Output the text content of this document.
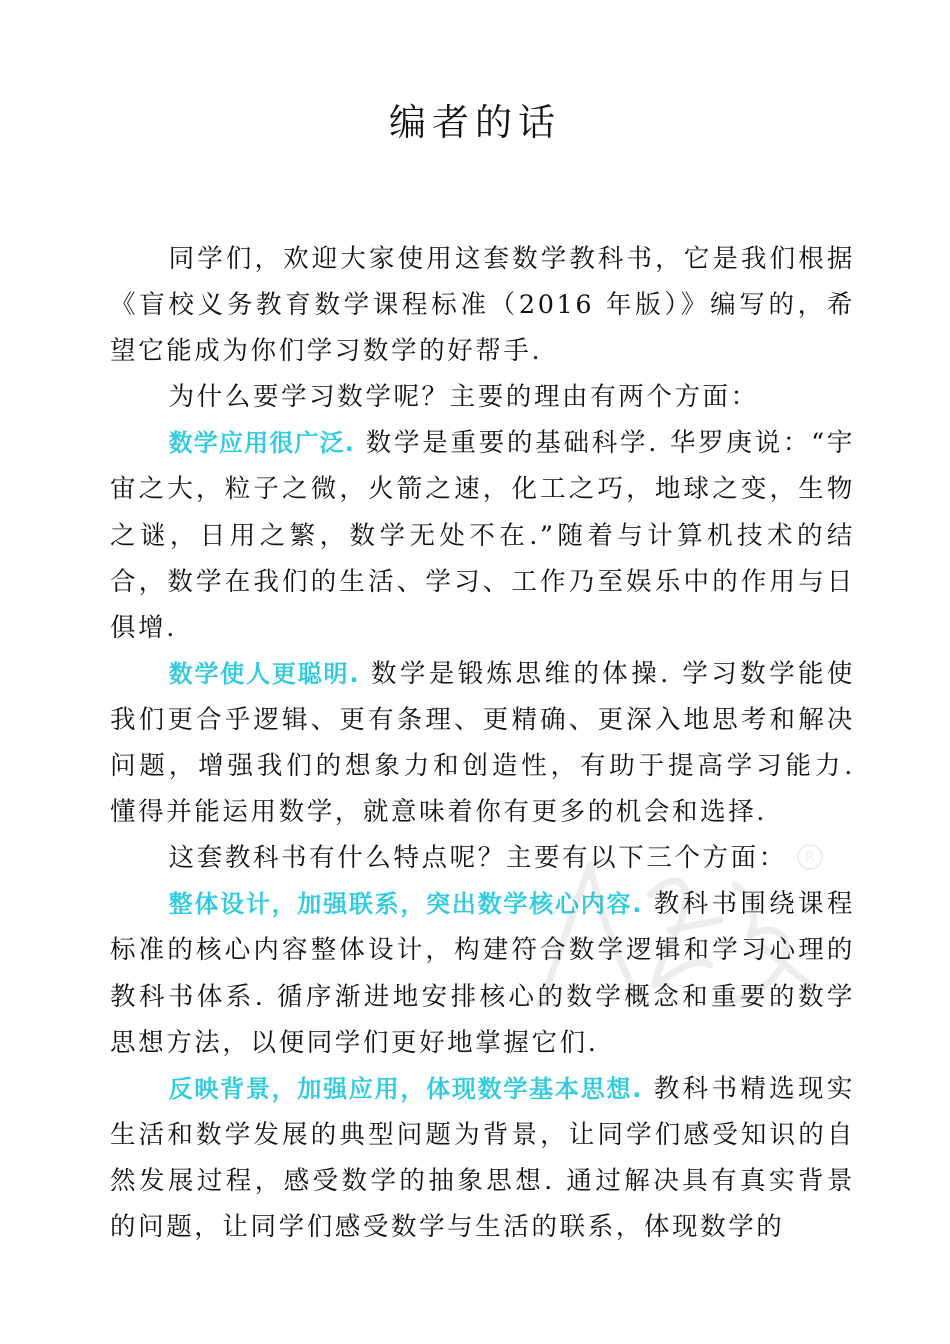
编者的话

同学们，欢迎大家使用这套数学教科书，它是我们根据《盲校义务教育数学课程标准（2016 年版）》编写的，希望它能成为你们学习数学的好帮手.

为什么要学习数学呢？主要的理由有两个方面：

数学应用很广泛. 数学是重要的基础科学. 华罗庚说：“宇宙之大，粒子之微，火箭之速，化工之巧，地球之变，生物之谜，日用之繁，数学无处不在.”随着与计算机技术的结合，数学在我们的生活、学习、工作乃至娱乐中的作用与日俱增.

数学使人更聪明. 数学是锻炼思维的体操. 学习数学能使我们更合乎逻辑、更有条理、更精确、更深入地思考和解决问题，增强我们的想象力和创造性，有助于提高学习能力. 懂得并能运用数学，就意味着你有更多的机会和选择.

这套教科书有什么特点呢？主要有以下三个方面：

整体设计，加强联系，突出数学核心内容. 教科书围绕课程标准的核心内容整体设计，构建符合数学逻辑和学习心理的教科书体系. 循序渐进地安排核心的数学概念和重要的数学思想方法，以便同学们更好地掌握它们.

反映背景，加强应用，体现数学基本思想. 教科书精选现实生活和数学发展的典型问题为背景，让同学们感受知识的自然发展过程，感受数学的抽象思想. 通过解决具有真实背景的问题，让同学们感受数学与生活的联系，体现数学的

R
